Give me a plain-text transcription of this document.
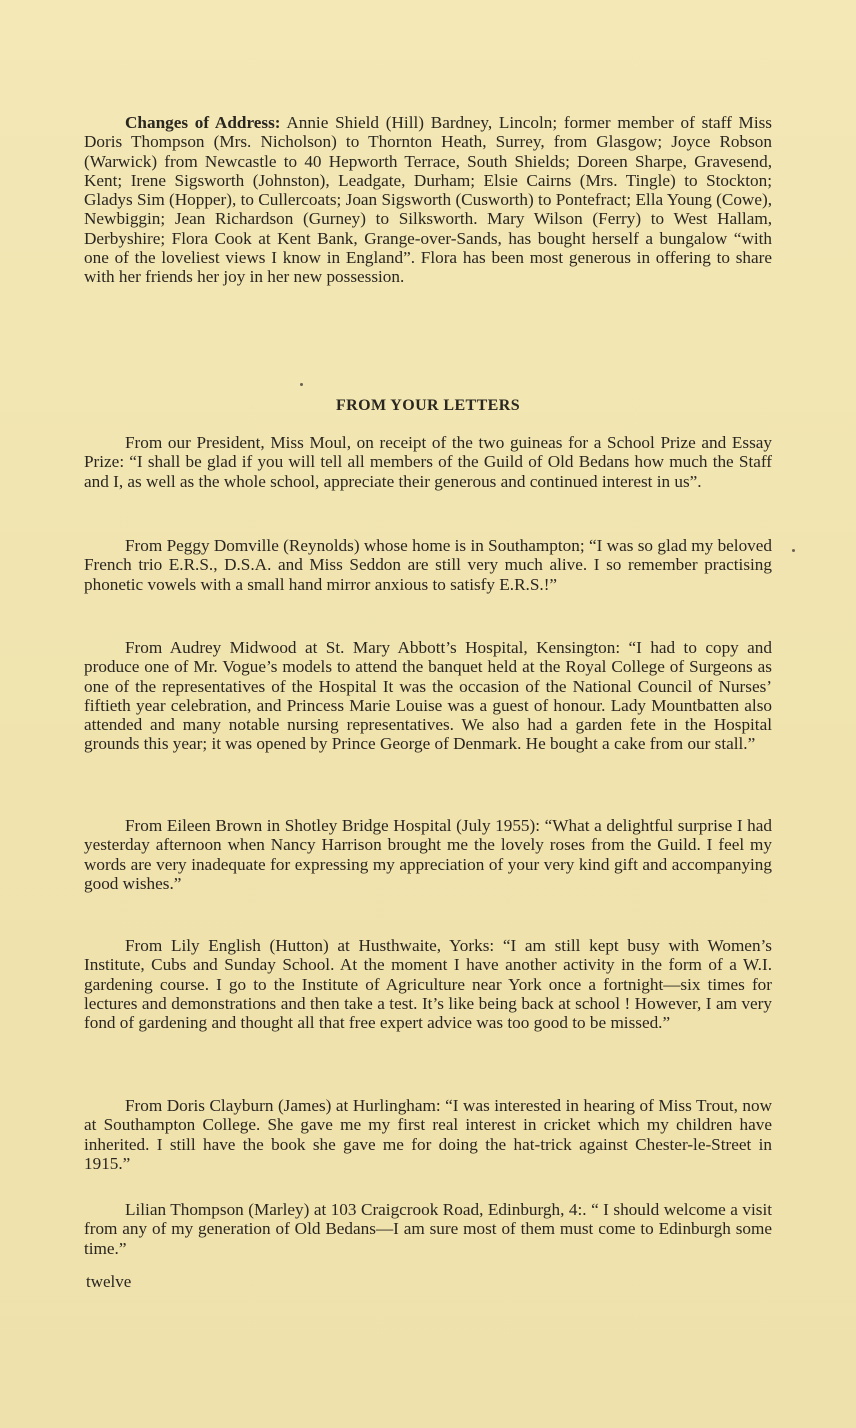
Changes of Address: Annie Shield (Hill) Bardney, Lincoln; former member of staff Miss Doris Thompson (Mrs. Nicholson) to Thornton Heath, Surrey, from Glasgow; Joyce Robson (Warwick) from Newcastle to 40 Hepworth Terrace, South Shields; Doreen Sharpe, Gravesend, Kent; Irene Sigsworth (Johnston), Leadgate, Durham; Elsie Cairns (Mrs. Tingle) to Stockton; Gladys Sim (Hopper), to Cullercoats; Joan Sigsworth (Cusworth) to Pontefract; Ella Young (Cowe), Newbiggin; Jean Richardson (Gurney) to Silksworth. Mary Wilson (Ferry) to West Hallam, Derbyshire; Flora Cook at Kent Bank, Grange-over-Sands, has bought herself a bungalow “with one of the loveliest views I know in England”. Flora has been most generous in offering to share with her friends her joy in her new possession.

FROM YOUR LETTERS

From our President, Miss Moul, on receipt of the two guineas for a School Prize and Essay Prize: “I shall be glad if you will tell all members of the Guild of Old Bedans how much the Staff and I, as well as the whole school, appreciate their generous and continued interest in us”.

From Peggy Domville (Reynolds) whose home is in Southampton; “I was so glad my beloved French trio E.R.S., D.S.A. and Miss Seddon are still very much alive. I so remember practising phonetic vowels with a small hand mirror anxious to satisfy E.R.S.!”

From Audrey Midwood at St. Mary Abbott’s Hospital, Kensington: “I had to copy and produce one of Mr. Vogue’s models to attend the banquet held at the Royal College of Surgeons as one of the representatives of the Hospital It was the occasion of the National Council of Nurses’ fiftieth year celebration, and Princess Marie Louise was a guest of honour. Lady Mountbatten also attended and many notable nursing representatives. We also had a garden fete in the Hospital grounds this year; it was opened by Prince George of Denmark. He bought a cake from our stall.”

From Eileen Brown in Shotley Bridge Hospital (July 1955): “What a delightful surprise I had yesterday afternoon when Nancy Harrison brought me the lovely roses from the Guild. I feel my words are very inadequate for expressing my appreciation of your very kind gift and accompanying good wishes.”

From Lily English (Hutton) at Husthwaite, Yorks: “I am still kept busy with Women’s Institute, Cubs and Sunday School. At the moment I have another activity in the form of a W.I. gardening course. I go to the Institute of Agriculture near York once a fortnight—six times for lectures and demonstrations and then take a test. It’s like being back at school ! However, I am very fond of gardening and thought all that free expert advice was too good to be missed.”

From Doris Clayburn (James) at Hurlingham: “I was interested in hearing of Miss Trout, now at Southampton College. She gave me my first real interest in cricket which my children have inherited. I still have the book she gave me for doing the hat-trick against Chester-le-Street in 1915.”

Lilian Thompson (Marley) at 103 Craigcrook Road, Edinburgh, 4:. “ I should welcome a visit from any of my generation of Old Bedans—I am sure most of them must come to Edinburgh some time.”

twelve
